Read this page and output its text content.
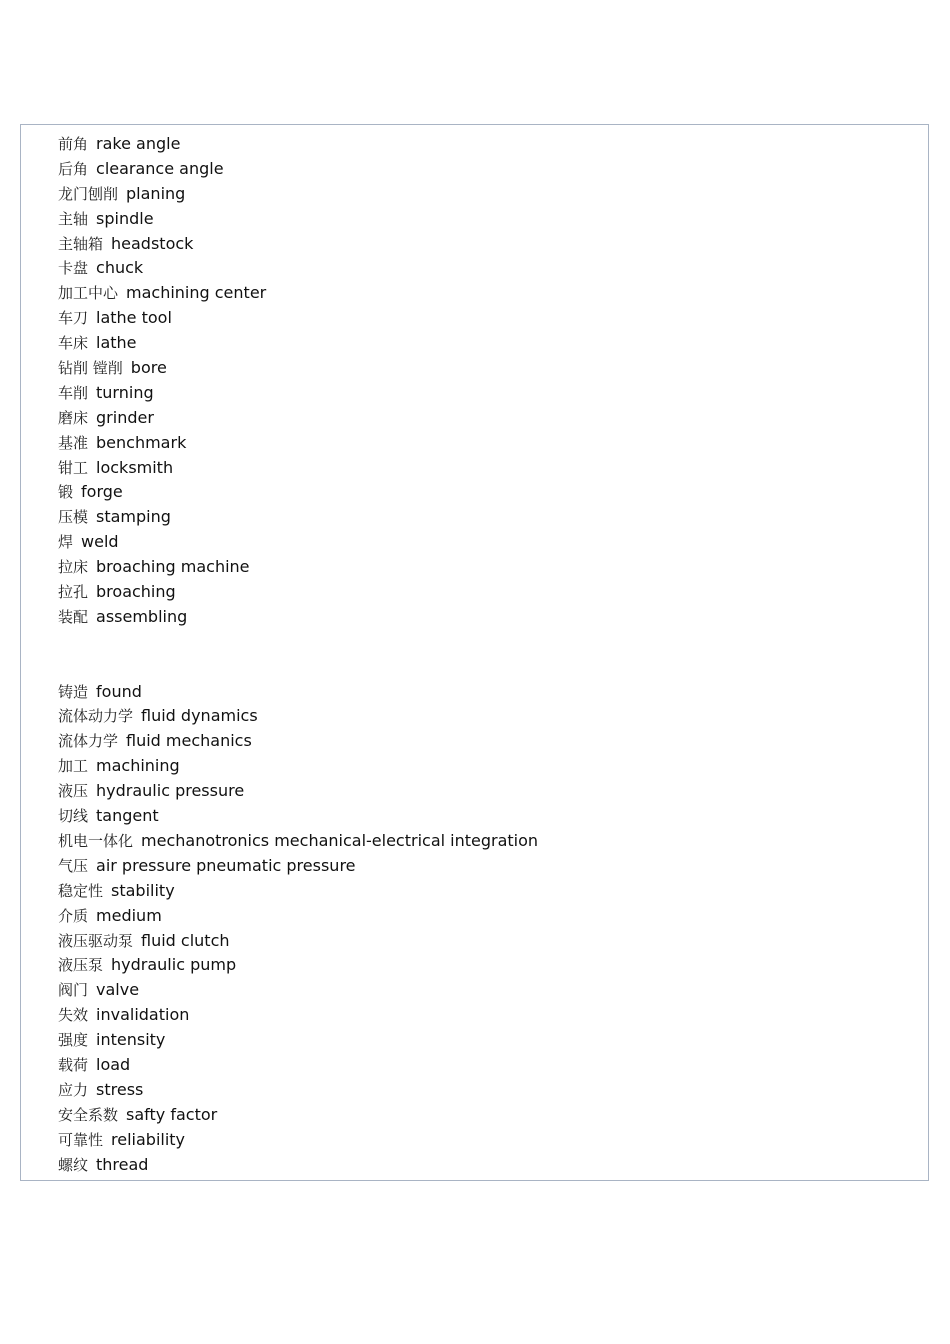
前角 rake angle
后角 clearance angle
龙门刨削 planing
主轴 spindle
主轴箱 headstock
卡盘 chuck
加工中心 machining center
车刀 lathe tool
车床 lathe
钻削 镗削 bore
车削 turning
磨床 grinder
基准 benchmark
钳工 locksmith
锻 forge
压模 stamping
焊 weld
拉床 broaching machine
拉孔 broaching
装配 assembling
铸造 found
流体动力学 fluid dynamics
流体力学 fluid mechanics
加工 machining
液压 hydraulic pressure
切线 tangent
机电一体化 mechanotronics mechanical-electrical integration
气压 air pressure pneumatic pressure
稳定性 stability
介质 medium
液压驱动泵 fluid clutch
液压泵 hydraulic pump
阀门 valve
失效 invalidation
强度 intensity
载荷 load
应力 stress
安全系数 safty factor
可靠性 reliability
螺纹 thread
